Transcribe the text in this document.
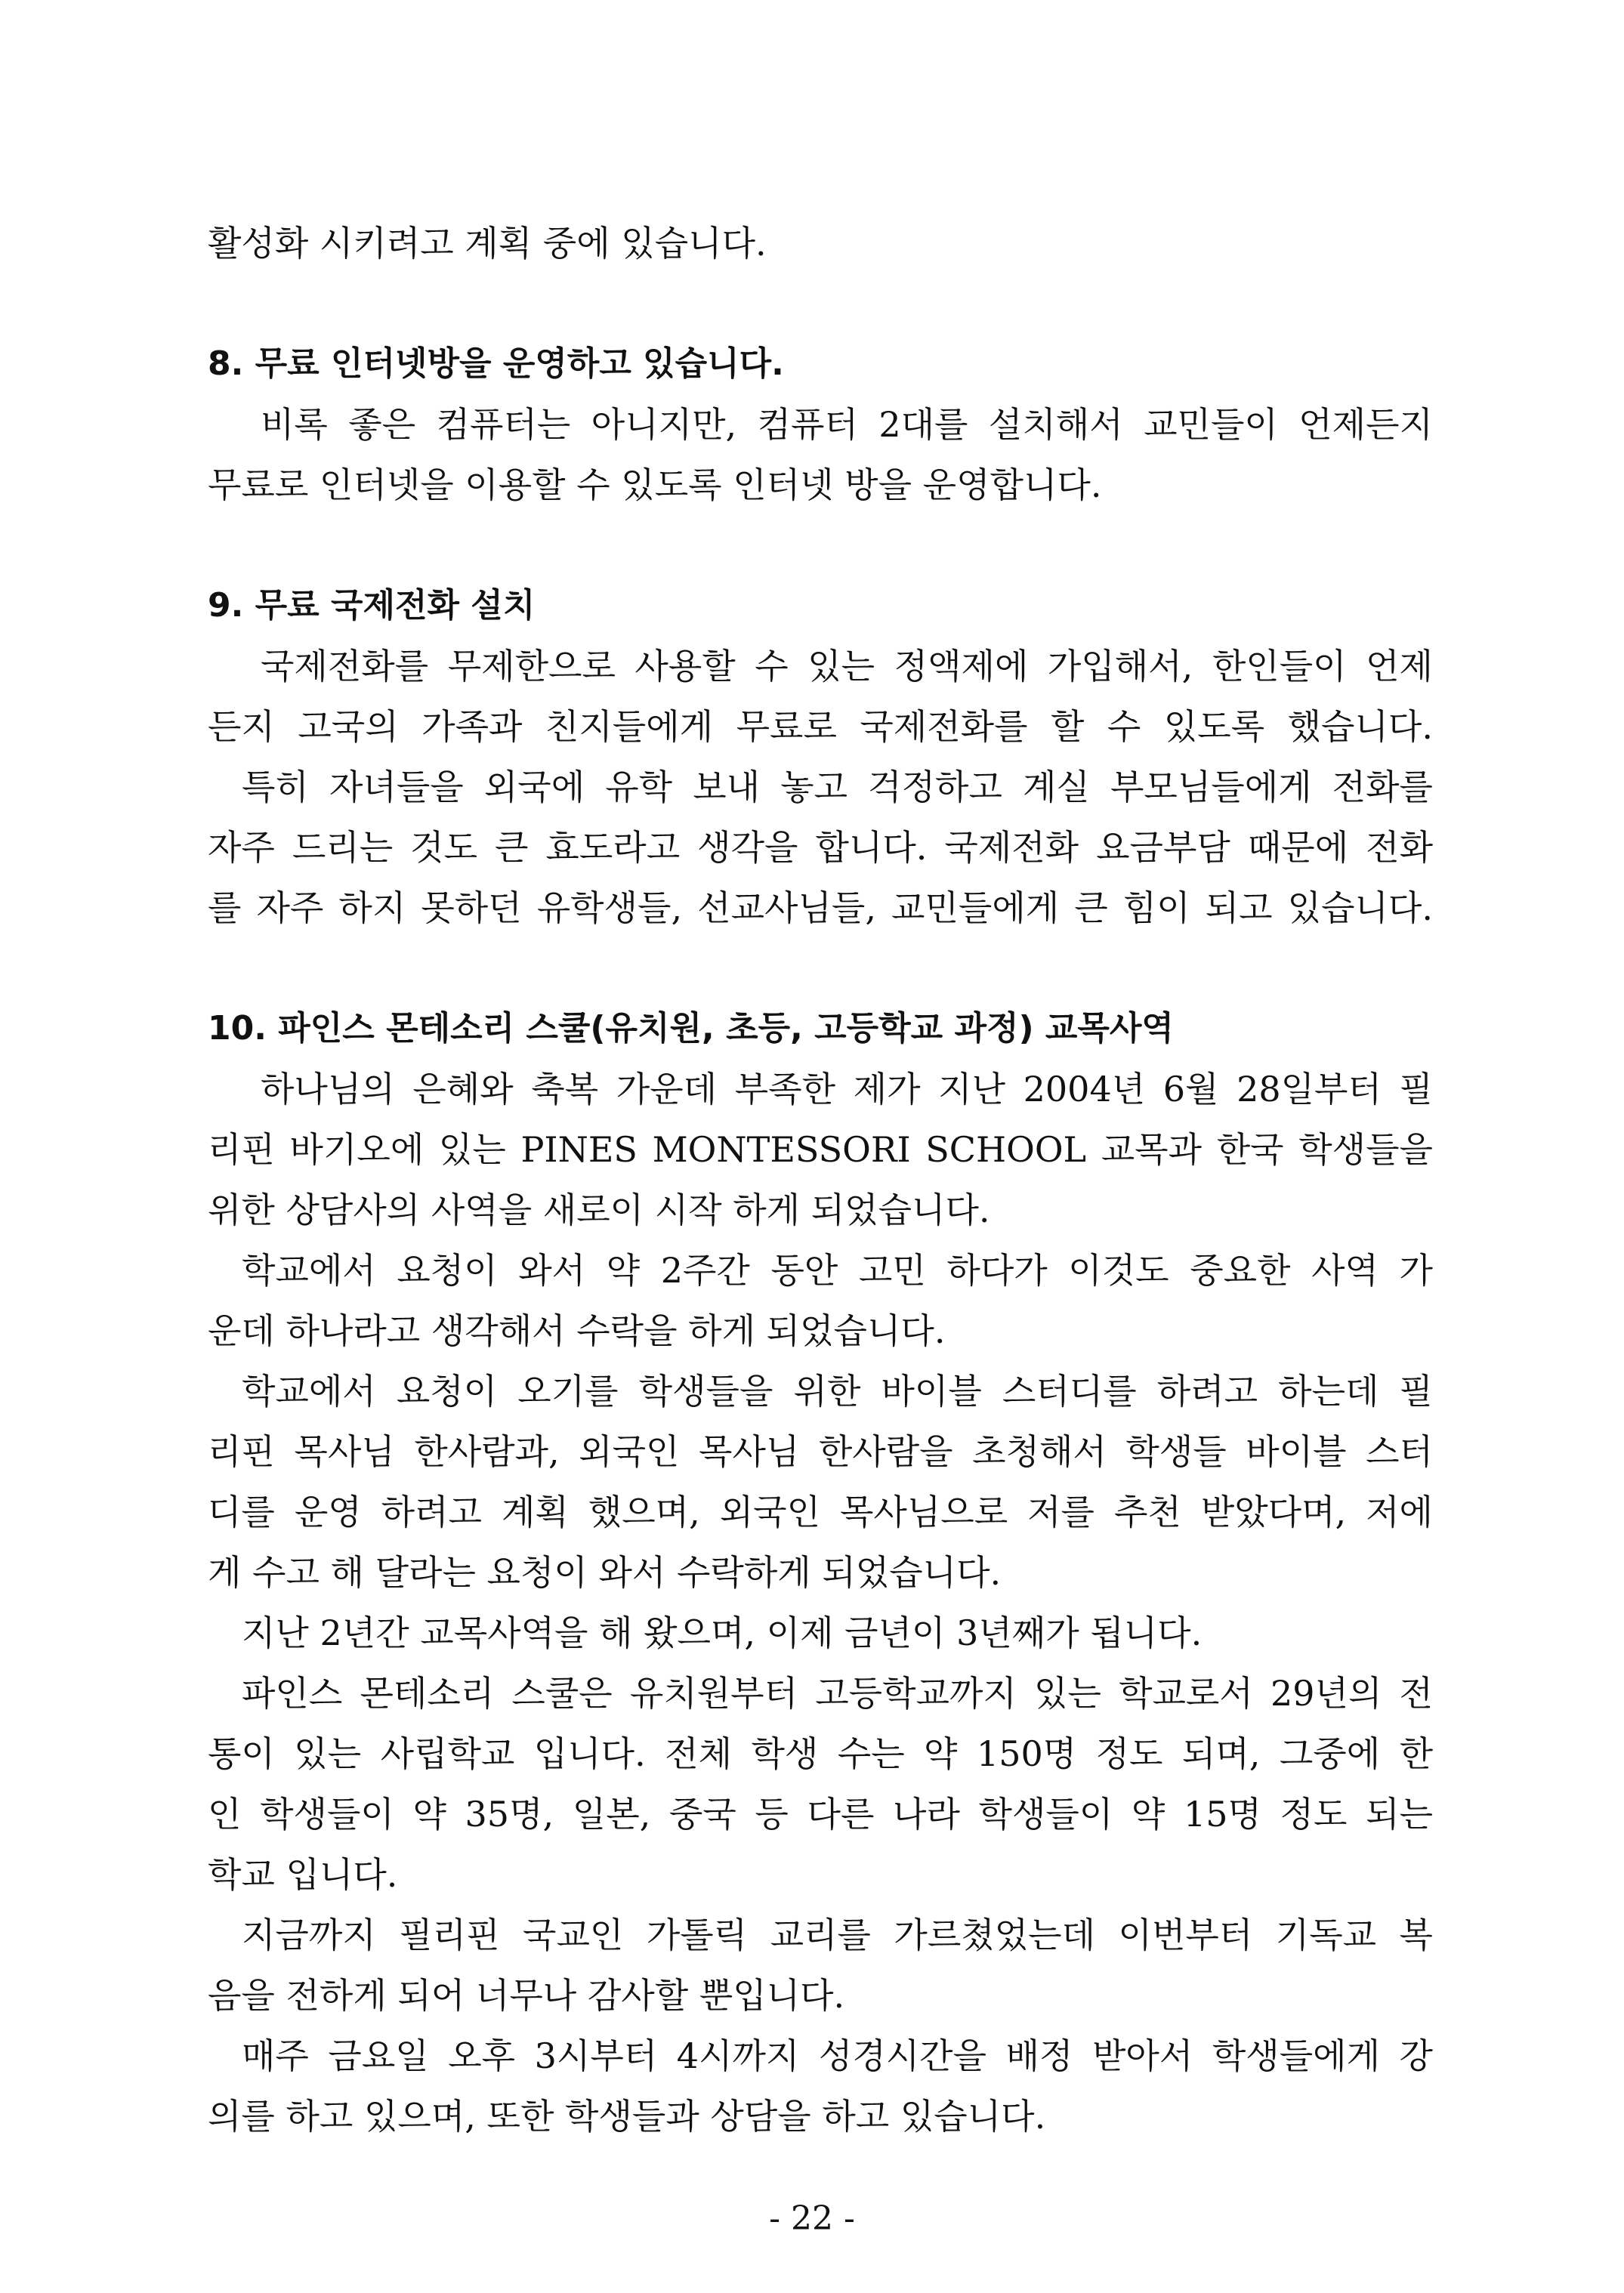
활성화 시키려고 계획 중에 있습니다.
8. 무료 인터넷방을 운영하고 있습니다.
비록 좋은 컴퓨터는 아니지만, 컴퓨터 2대를 설치해서 교민들이 언제든지
무료로 인터넷을 이용할 수 있도록 인터넷 방을 운영합니다.
9. 무료 국제전화 설치
국제전화를 무제한으로 사용할 수 있는 정액제에 가입해서, 한인들이 언제
든지 고국의 가족과 친지들에게 무료로 국제전화를 할 수 있도록 했습니다.
특히 자녀들을 외국에 유학 보내 놓고 걱정하고 계실 부모님들에게 전화를
자주 드리는 것도 큰 효도라고 생각을 합니다. 국제전화 요금부담 때문에 전화
를 자주 하지 못하던 유학생들, 선교사님들, 교민들에게 큰 힘이 되고 있습니다.
10. 파인스 몬테소리 스쿨(유치원, 초등, 고등학교 과정) 교목사역
하나님의 은혜와 축복 가운데 부족한 제가 지난 2004년 6월 28일부터 필
리핀 바기오에 있는 PINES MONTESSORI SCHOOL 교목과 한국 학생들을
위한 상담사의 사역을 새로이 시작 하게 되었습니다.
학교에서 요청이 와서 약 2주간 동안 고민 하다가 이것도 중요한 사역 가
운데 하나라고 생각해서 수락을 하게 되었습니다.
학교에서 요청이 오기를 학생들을 위한 바이블 스터디를 하려고 하는데 필
리핀 목사님 한사람과, 외국인 목사님 한사람을 초청해서 학생들 바이블 스터
디를 운영 하려고 계획 했으며, 외국인 목사님으로 저를 추천 받았다며, 저에
게 수고 해 달라는 요청이 와서 수락하게 되었습니다.
지난 2년간 교목사역을 해 왔으며, 이제 금년이 3년째가 됩니다.
파인스 몬테소리 스쿨은 유치원부터 고등학교까지 있는 학교로서 29년의 전
통이 있는 사립학교 입니다. 전체 학생 수는 약 150명 정도 되며, 그중에 한
인 학생들이 약 35명, 일본, 중국 등 다른 나라 학생들이 약 15명 정도 되는
학교 입니다.
지금까지 필리핀 국교인 가톨릭 교리를 가르쳤었는데 이번부터 기독교 복
음을 전하게 되어 너무나 감사할 뿐입니다.
매주 금요일 오후 3시부터 4시까지 성경시간을 배정 받아서 학생들에게 강
의를 하고 있으며, 또한 학생들과 상담을 하고 있습니다.
- 22 -
